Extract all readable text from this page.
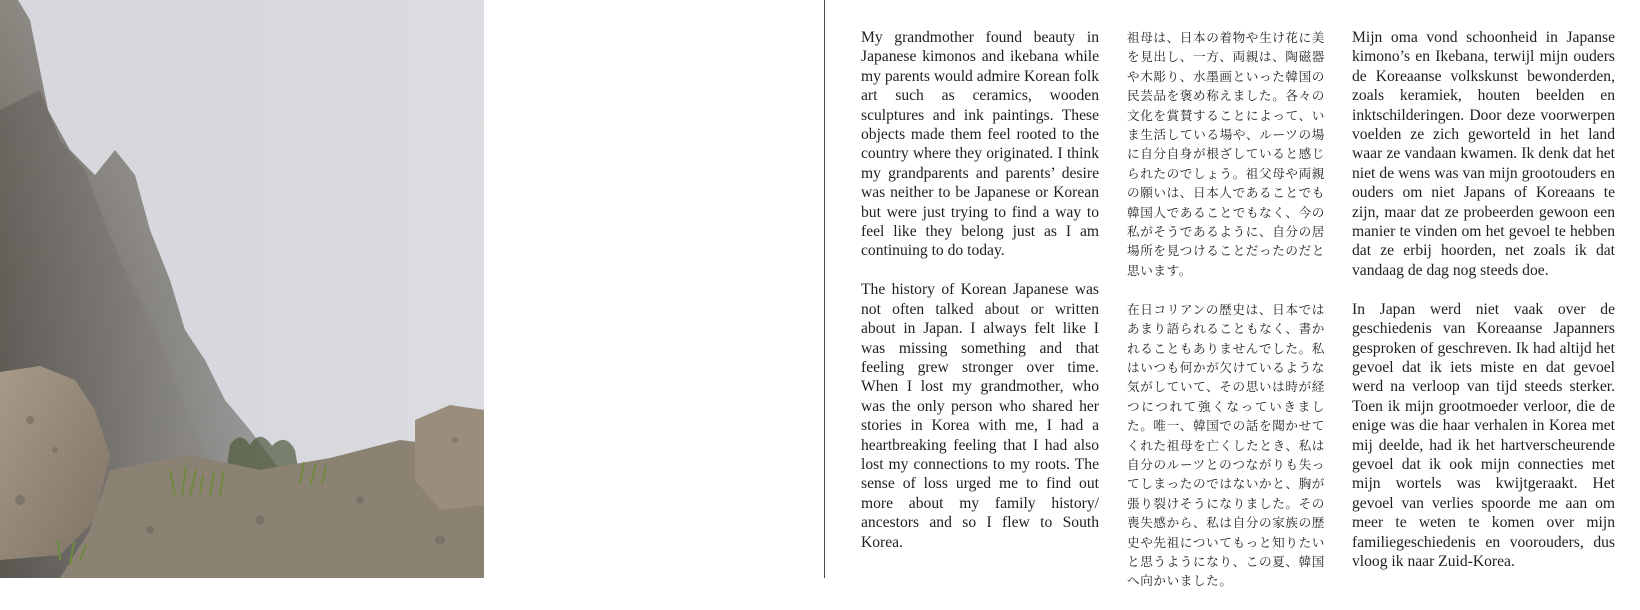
My grandmother found beauty in Japanese kimonos and ikebana while my parents would admire Korean folk art such as ceramics, wooden sculptures and ink paintings. These objects made them feel rooted to the country where they originated. I think my grandparents and parents’ desire was neither to be Japanese or Korean but were just trying to find a way to feel like they belong just as I am continuing to do today.

The history of Korean Japanese was not often talked about or written about in Japan. I always felt like I was missing something and that feeling grew stronger over time. When I lost my grandmother, who was the only person who shared her stories in Korea with me, I had a heartbreaking feeling that I had also lost my connections to my roots. The sense of loss urged me to find out more about my family history/ ancestors and so I flew to South Korea.

祖母は、日本の着物や生け花に美を見出し、一方、両親は、陶磁器や木彫り、水墨画といった韓国の民芸品を褒め称えました。各々の文化を賞賛することによって、いま生活している場や、ルーツの場に自分自身が根ざしていると感じられたのでしょう。祖父母や両親の願いは、日本人であることでも韓国人であることでもなく、今の私がそうであるように、自分の居場所を見つけることだったのだと思います。

在日コリアンの歴史は、日本ではあまり語られることもなく、書かれることもありませんでした。私はいつも何かが欠けているような気がしていて、その思いは時が経つにつれて強くなっていきました。唯一、韓国での話を聞かせてくれた祖母を亡くしたとき、私は自分のルーツとのつながりも失ってしまったのではないかと、胸が張り裂けそうになりました。その喪失感から、私は自分の家族の歴史や先祖についてもっと知りたいと思うようになり、この夏、韓国へ向かいました。

Mijn oma vond schoonheid in Japanse kimono’s en Ikebana, terwijl mijn ouders de Koreaanse volkskunst bewonderden, zoals keramiek, houten beelden en inktschilderingen. Door deze voorwerpen voelden ze zich geworteld in het land waar ze vandaan kwamen. Ik denk dat het niet de wens was van mijn grootouders en ouders om niet Japans of Koreaans te zijn, maar dat ze probeerden gewoon een manier te vinden om het gevoel te hebben dat ze erbij hoorden, net zoals ik dat vandaag de dag nog steeds doe.

In Japan werd niet vaak over de geschiedenis van Koreaanse Japanners gesproken of geschreven. Ik had altijd het gevoel dat ik iets miste en dat gevoel werd na verloop van tijd steeds sterker. Toen ik mijn grootmoeder verloor, die de enige was die haar verhalen in Korea met mij deelde, had ik het hartverscheurende gevoel dat ik ook mijn connecties met mijn wortels was kwijtgeraakt. Het gevoel van verlies spoorde me aan om meer te weten te komen over mijn familiegeschiedenis en voorouders, dus vloog ik naar Zuid-Korea.
